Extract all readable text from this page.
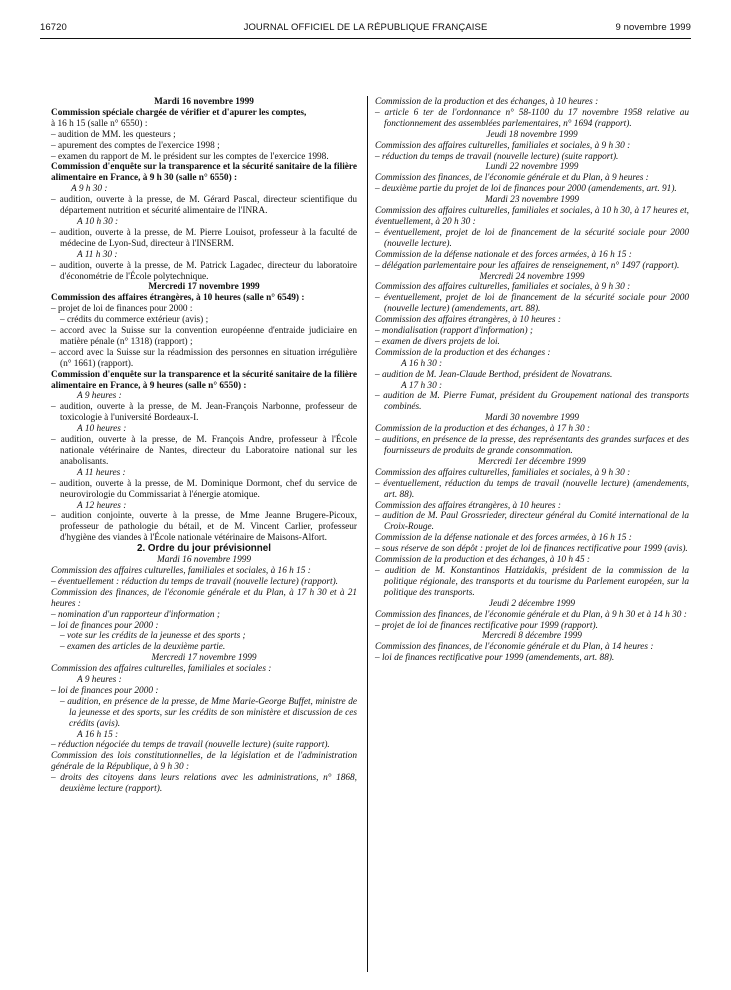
16720	JOURNAL OFFICIEL DE LA RÉPUBLIQUE FRANÇAISE	9 novembre 1999

Mardi 16 novembre 1999

Commission spéciale chargée de vérifier et d'apurer les comptes,

à 16 h 15 (salle n° 6550) :

– audition de MM. les questeurs ;

– apurement des comptes de l'exercice 1998 ;

– examen du rapport de M. le président sur les comptes de l'exercice 1998.

Commission d'enquête sur la transparence et la sécurité sanitaire de la filière alimentaire en France, à 9 h 30 (salle n° 6550) :

A 9 h 30 :

– audition, ouverte à la presse, de M. Gérard Pascal, directeur scientifique du département nutrition et sécurité alimentaire de l'INRA.

A 10 h 30 :

– audition, ouverte à la presse, de M. Pierre Louisot, professeur à la faculté de médecine de Lyon-Sud, directeur à l'INSERM.

A 11 h 30 :

– audition, ouverte à la presse, de M. Patrick Lagadec, directeur du laboratoire d'économétrie de l'École polytechnique.

Mercredi 17 novembre 1999

Commission des affaires étrangères, à 10 heures (salle n° 6549) :

– projet de loi de finances pour 2000 :

– crédits du commerce extérieur (avis) ;

– accord avec la Suisse sur la convention européenne d'entraide judiciaire en matière pénale (n° 1318) (rapport) ;

– accord avec la Suisse sur la réadmission des personnes en situation irrégulière (n° 1661) (rapport).

Commission d'enquête sur la transparence et la sécurité sanitaire de la filière alimentaire en France, à 9 heures (salle n° 6550) :

A 9 heures :

– audition, ouverte à la presse, de M. Jean-François Narbonne, professeur de toxicologie à l'université Bordeaux-I.

A 10 heures :

– audition, ouverte à la presse, de M. François Andre, professeur à l'École nationale vétérinaire de Nantes, directeur du Laboratoire national sur les anabolisants.

A 11 heures :

– audition, ouverte à la presse, de M. Dominique Dormont, chef du service de neurovirologie du Commissariat à l'énergie atomique.

A 12 heures :

– audition conjointe, ouverte à la presse, de Mme Jeanne Brugere-Picoux, professeur de pathologie du bétail, et de M. Vincent Carlier, professeur d'hygiène des viandes à l'École nationale vétérinaire de Maisons-Alfort.

2. Ordre du jour prévisionnel

Mardi 16 novembre 1999

Commission des affaires culturelles, familiales et sociales, à 16 h 15 :

– éventuellement : réduction du temps de travail (nouvelle lecture) (rapport).

Commission des finances, de l'économie générale et du Plan, à 17 h 30 et à 21 heures :

– nomination d'un rapporteur d'information ;

– loi de finances pour 2000 :

– vote sur les crédits de la jeunesse et des sports ;

– examen des articles de la deuxième partie.

Mercredi 17 novembre 1999

Commission des affaires culturelles, familiales et sociales :

A 9 heures :

– loi de finances pour 2000 :

– audition, en présence de la presse, de Mme Marie-George Buffet, ministre de la jeunesse et des sports, sur les crédits de son ministère et discussion de ces crédits (avis).

A 16 h 15 :

– réduction négociée du temps de travail (nouvelle lecture) (suite rapport).

Commission des lois constitutionnelles, de la législation et de l'administration générale de la République, à 9 h 30 :

– droits des citoyens dans leurs relations avec les administrations, n° 1868, deuxième lecture (rapport).

Commission de la production et des échanges, à 10 heures :

– article 6 ter de l'ordonnance n° 58-1100 du 17 novembre 1958 relative au fonctionnement des assemblées parlementaires, n° 1694 (rapport).

Jeudi 18 novembre 1999

Commission des affaires culturelles, familiales et sociales, à 9 h 30 :

– réduction du temps de travail (nouvelle lecture) (suite rapport).

Lundi 22 novembre 1999

Commission des finances, de l'économie générale et du Plan, à 9 heures :

– deuxième partie du projet de loi de finances pour 2000 (amendements, art. 91).

Mardi 23 novembre 1999

Commission des affaires culturelles, familiales et sociales, à 10 h 30, à 17 heures et, éventuellement, à 20 h 30 :

– éventuellement, projet de loi de financement de la sécurité sociale pour 2000 (nouvelle lecture).

Commission de la défense nationale et des forces armées, à 16 h 15 :

– délégation parlementaire pour les affaires de renseignement, n° 1497 (rapport).

Mercredi 24 novembre 1999

Commission des affaires culturelles, familiales et sociales, à 9 h 30 :

– éventuellement, projet de loi de financement de la sécurité sociale pour 2000 (nouvelle lecture) (amendements, art. 88).

Commission des affaires étrangères, à 10 heures :

– mondialisation (rapport d'information) ;

– examen de divers projets de loi.

Commission de la production et des échanges :

A 16 h 30 :

– audition de M. Jean-Claude Berthod, président de Novatrans.

A 17 h 30 :

– audition de M. Pierre Fumat, président du Groupement national des transports combinés.

Mardi 30 novembre 1999

Commission de la production et des échanges, à 17 h 30 :

– auditions, en présence de la presse, des représentants des grandes surfaces et des fournisseurs de produits de grande consommation.

Mercredi 1er décembre 1999

Commission des affaires culturelles, familiales et sociales, à 9 h 30 :

– éventuellement, réduction du temps de travail (nouvelle lecture) (amendements, art. 88).

Commission des affaires étrangères, à 10 heures :

– audition de M. Paul Grossrieder, directeur général du Comité international de la Croix-Rouge.

Commission de la défense nationale et des forces armées, à 16 h 15 :

– sous réserve de son dépôt : projet de loi de finances rectificative pour 1999 (avis).

Commission de la production et des échanges, à 10 h 45 :

– audition de M. Konstantinos Hatzidakis, président de la commission de la politique régionale, des transports et du tourisme du Parlement européen, sur la politique des transports.

Jeudi 2 décembre 1999

Commission des finances, de l'économie générale et du Plan, à 9 h 30 et à 14 h 30 :

– projet de loi de finances rectificative pour 1999 (rapport).

Mercredi 8 décembre 1999

Commission des finances, de l'économie générale et du Plan, à 14 heures :

– loi de finances rectificative pour 1999 (amendements, art. 88).
